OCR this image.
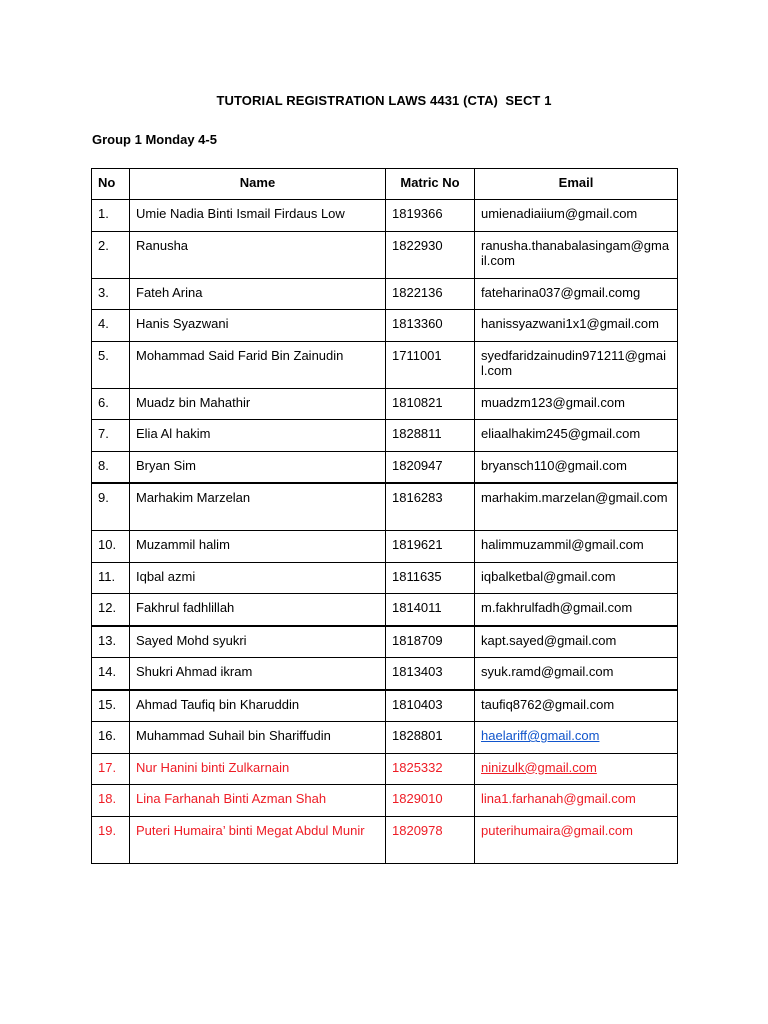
TUTORIAL REGISTRATION LAWS 4431 (CTA)  SECT 1
Group 1 Monday 4-5
No	Name	Matric No	Email
1.	Umie Nadia Binti Ismail Firdaus Low	1819366	umienadiaiium@gmail.com
2.	Ranusha	1822930	ranusha.thanabalasingam@gmail.com
3.	Fateh Arina	1822136	fateharina037@gmail.comg
4.	Hanis Syazwani	1813360	hanissyazwani1x1@gmail.com
5.	Mohammad Said Farid Bin Zainudin	1711001	syedfaridzainudin971211@gmail.com
6.	Muadz bin Mahathir	1810821	muadzm123@gmail.com
7.	Elia Al hakim	1828811	eliaalhakim245@gmail.com
8.	Bryan Sim	1820947	bryansch110@gmail.com
9.	Marhakim Marzelan	1816283	marhakim.marzelan@gmail.com
10.	Muzammil halim	1819621	halimmuzammil@gmail.com
11.	Iqbal azmi	1811635	iqbalketbal@gmail.com
12.	Fakhrul fadhlillah	1814011	m.fakhrulfadh@gmail.com
13.	Sayed Mohd syukri	1818709	kapt.sayed@gmail.com
14.	Shukri Ahmad ikram	1813403	syuk.ramd@gmail.com
15.	Ahmad Taufiq bin Kharuddin	1810403	taufiq8762@gmail.com
16.	Muhammad Suhail bin Shariffudin	1828801	haelariff@gmail.com
17.	Nur Hanini binti Zulkarnain	1825332	ninizulk@gmail.com
18.	Lina Farhanah Binti Azman Shah	1829010	lina1.farhanah@gmail.com
19.	Puteri Humaira’ binti Megat Abdul Munir	1820978	puterihumaira@gmail.com
